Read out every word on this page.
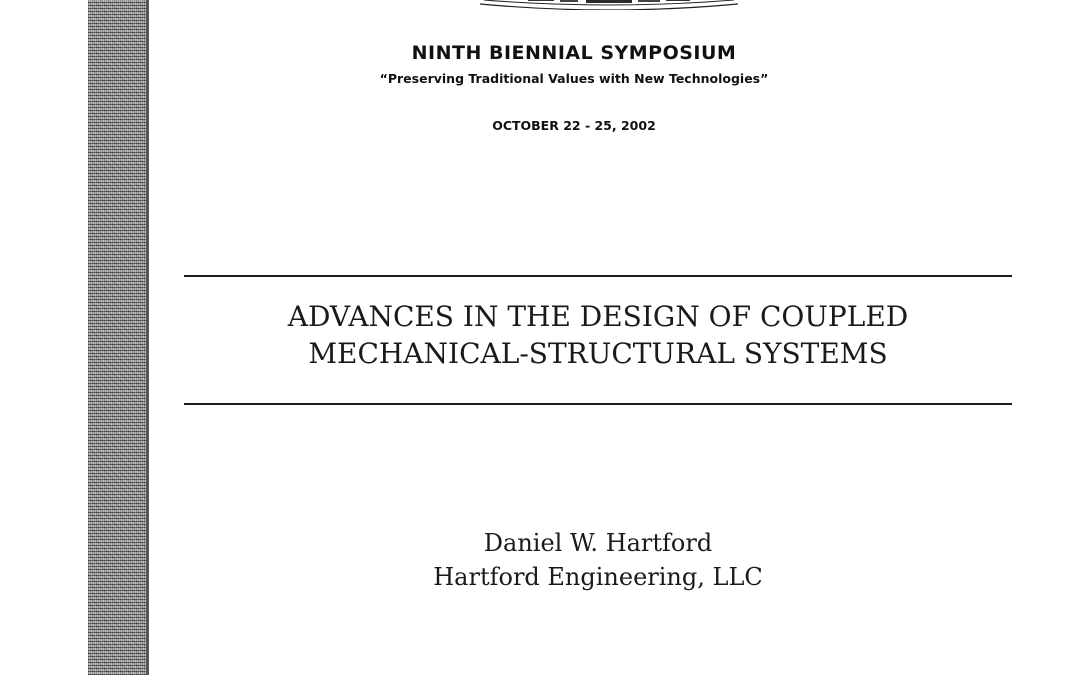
NINTH BIENNIAL SYMPOSIUM
“Preserving Traditional Values with New Technologies”
OCTOBER 22 - 25, 2002
ADVANCES IN THE DESIGN OF COUPLED
MECHANICAL-STRUCTURAL SYSTEMS
Daniel W. Hartford
Hartford Engineering, LLC
